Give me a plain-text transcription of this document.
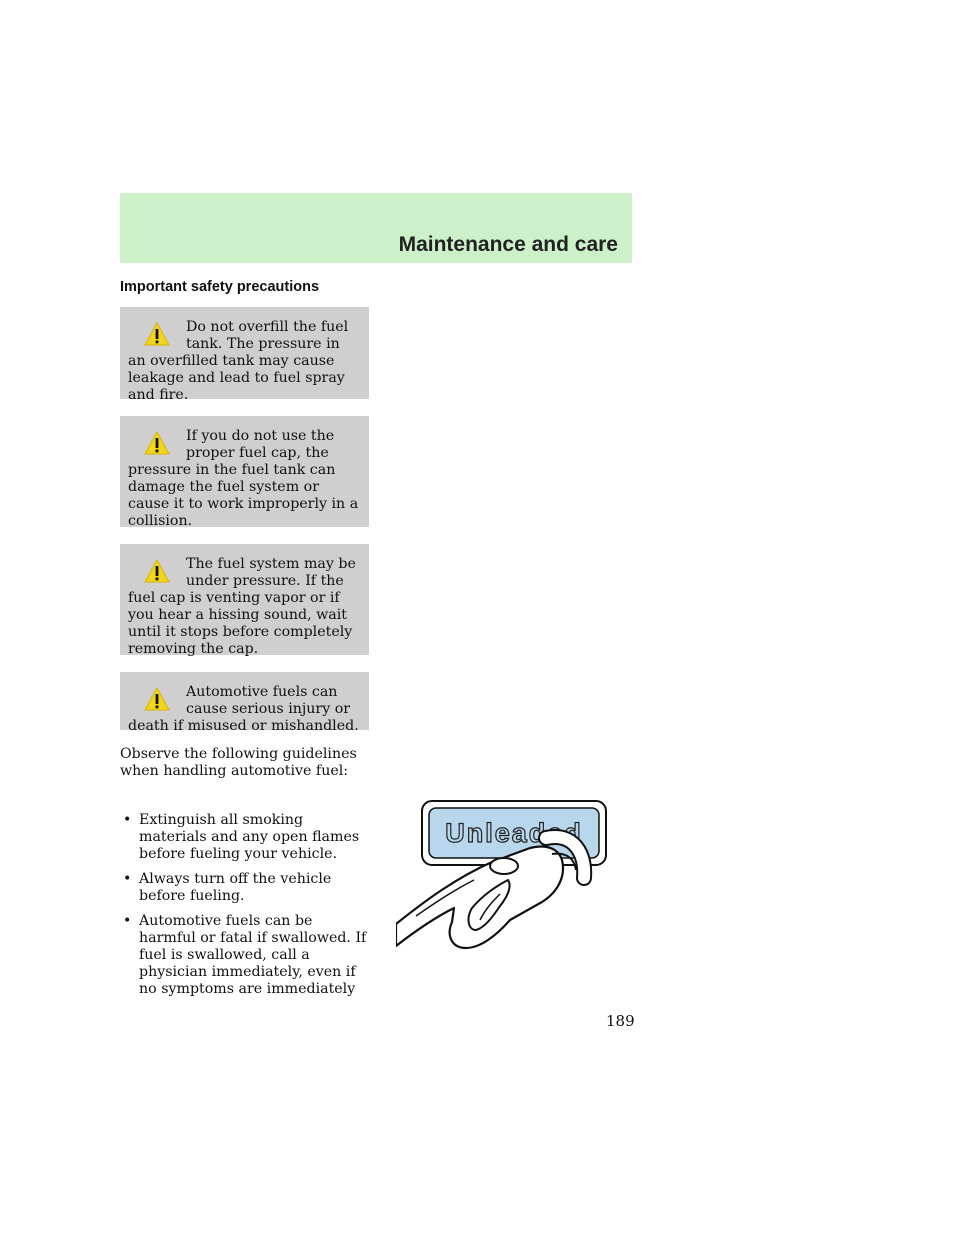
Maintenance and care
Important safety precautions
Do not overfill the fuel tank. The pressure in an overfilled tank may cause leakage and lead to fuel spray and fire.
If you do not use the proper fuel cap, the pressure in the fuel tank can damage the fuel system or cause it to work improperly in a collision.
The fuel system may be under pressure. If the fuel cap is venting vapor or if you hear a hissing sound, wait until it stops before completely removing the cap.
Automotive fuels can cause serious injury or death if misused or mishandled.
Observe the following guidelines when handling automotive fuel:
• Extinguish all smoking materials and any open flames before fueling your vehicle.
• Always turn off the vehicle before fueling.
• Automotive fuels can be harmful or fatal if swallowed. If fuel is swallowed, call a physician immediately, even if no symptoms are immediately
Unleaded
189
